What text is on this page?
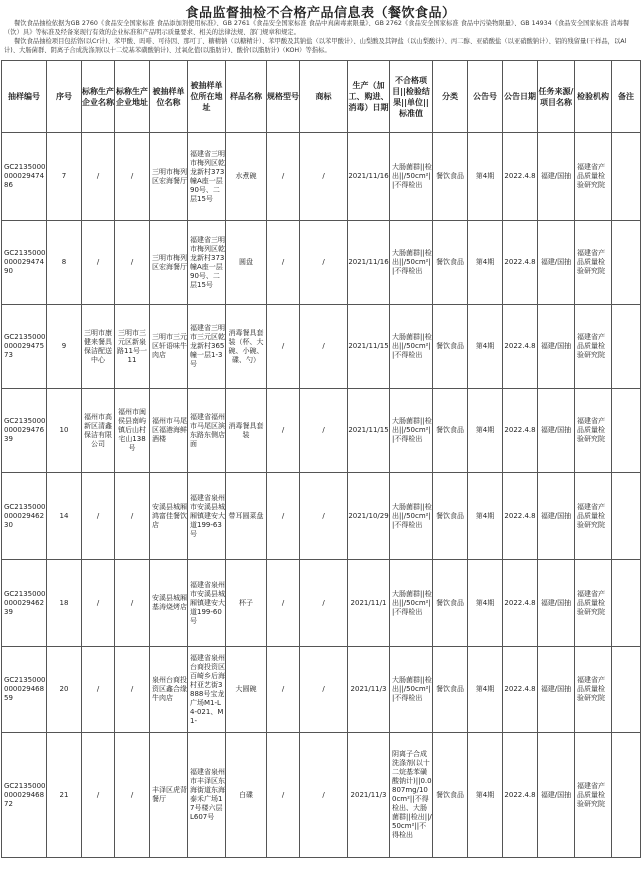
食品监督抽检不合格产品信息表（餐饮食品）

餐饮食品抽检依据为GB 2760《食品安全国家标准 食品添加剂使用标准》、GB 2761《食品安全国家标准 食品中真菌毒素限量》、GB 2762《食品安全国家标准 食品中污染物限量》、GB 14934《食品安全国家标准 消毒餐（饮）具》等标准及经备案现行有效的企业标准和产品明示质量要求、相关的法律法规、部门规章和规定。

餐饮食品抽检项目包括铬(以Cr计)、苯甲酸、吗啡、可待因、那可丁、糖精钠（以糖精计）、苯甲酸及其钠盐（以苯甲酸计）、山梨酸及其钾盐（以山梨酸计）、丙二醇、亚硝酸盐（以亚硝酸钠计）、铝的残留量(干样品，以Al计)、大肠菌群、阴离子合成洗涤剂(以十二烷基苯磺酸钠计)、过氧化值(以脂肪计)、酸价(以脂肪计)（KOH）等指标。

抽样编号	序号	标称生产企业名称	标称生产企业地址	被抽样单位名称	被抽样单位所在地址	样品名称	规格型号	商标	生产（加工、购进、消毒）日期	不合格项目||检验结果||单位||标准值	分类	公告号	公告日期	任务来源/项目名称	检验机构	备注
GC213500000002947486	7	/	/	三明市梅列区宏海餐厅	福建省三明市梅列区乾龙新村373幢A座一层90号、二层15号	水煮碗	/	/	2021/11/16	大肠菌群||检出||/50cm²||不得检出	餐饮食品	第4期	2022.4.8	福建/国抽	福建省产品质量检验研究院	
GC213500000002947490	8	/	/	三明市梅列区宏海餐厅	福建省三明市梅列区乾龙新村373幢A座一层90号、二层15号	圆盘	/	/	2021/11/16	大肠菌群||检出||/50cm²||不得检出	餐饮食品	第4期	2022.4.8	福建/国抽	福建省产品质量检验研究院	
GC213500000002947573	9	三明市康健来餐具保洁配送中心	三明市三元区新泉路11号一11	三明市三元区轩语味牛肉店	福建省三明市三元区乾龙新村365幢一层1-3号	消毒餐具套装（杯、大碗、小碗、碟、勺）	/	/	2021/11/15	大肠菌群||检出||/50cm²||不得检出	餐饮食品	第4期	2022.4.8	福建/国抽	福建省产品质量检验研究院	
GC213500000002947639	10	福州市高新区清鑫保洁有限公司	福州市闽侯县南屿镇后山村宅山138号	福州市马尾区福港海鲜酒楼	福建省福州市马尾区滨东路东侧店面	消毒餐具套装	/	/	2021/11/15	大肠菌群||检出||/50cm²||不得检出	餐饮食品	第4期	2022.4.8	福建/国抽	福建省产品质量检验研究院	
GC213500000002946230	14	/	/	安溪县城厢鸿富佳餐饮店	福建省泉州市安溪县城厢镇建安大道199-63号	带耳圆菜盘	/	/	2021/10/29	大肠菌群||检出||/50cm²||不得检出	餐饮食品	第4期	2022.4.8	福建/国抽	福建省产品质量检验研究院	
GC213500000002946239	18	/	/	安溪县城厢基涛烧烤店	福建省泉州市安溪县城厢镇建安大道199-60号	杯子	/	/	2021/11/1	大肠菌群||检出||/50cm²||不得检出	餐饮食品	第4期	2022.4.8	福建/国抽	福建省产品质量检验研究院	
GC213500000002946859	20	/	/	泉州台商投资区鑫合缘牛肉店	福建省泉州台商投资区百崎乡后海村亚艺街3888号宝龙广场M1-L4-021、M1-	大圆碗	/	/	2021/11/3	大肠菌群||检出||/50cm²||不得检出	餐饮食品	第4期	2022.4.8	福建/国抽	福建省产品质量检验研究院	
GC213500000002946872	21	/	/	丰泽区虎背餐厅	福建省泉州市丰泽区东海街道东海泰禾广场17号楼六层L607号	白碟	/	/	2021/11/3	阴离子合成洗涤剂(以十二烷基苯磺酸钠计)||0.0807mg/100cm²||不得检出、大肠菌群||检出||/50cm²||不得检出	餐饮食品	第4期	2022.4.8	福建/国抽	福建省产品质量检验研究院	
